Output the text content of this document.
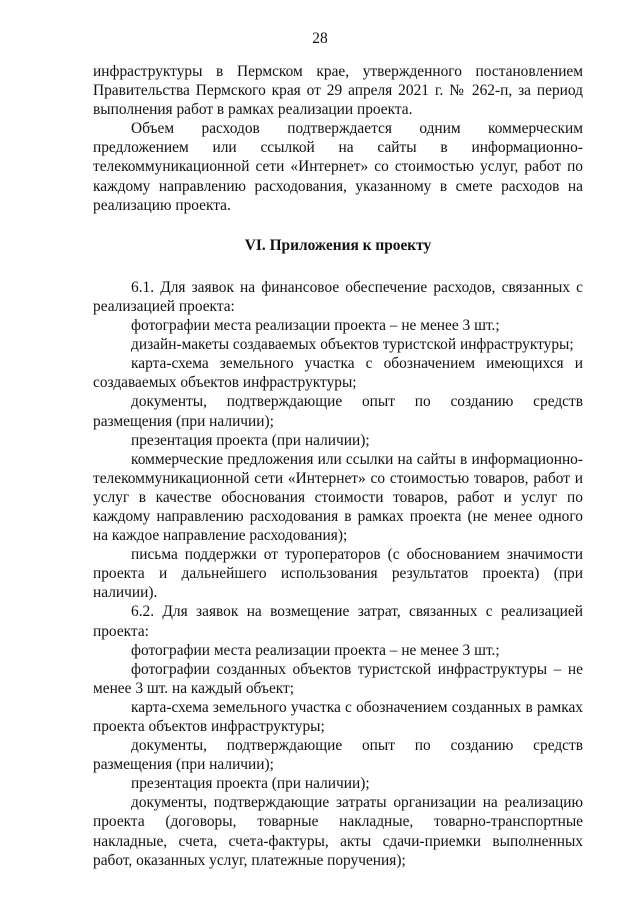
28

инфраструктуры в Пермском крае, утвержденного постановлением Правительства Пермского края от 29 апреля 2021 г. № 262-п, за период выполнения работ в рамках реализации проекта.

Объем расходов подтверждается одним коммерческим предложением или ссылкой на сайты в информационно-телекоммуникационной сети «Интернет» со стоимостью услуг, работ по каждому направлению расходования, указанному в смете расходов на реализацию проекта.

VI. Приложения к проекту

6.1. Для заявок на финансовое обеспечение расходов, связанных с реализацией проекта:

фотографии места реализации проекта – не менее 3 шт.;

дизайн-макеты создаваемых объектов туристской инфраструктуры;

карта-схема земельного участка с обозначением имеющихся и создаваемых объектов инфраструктуры;

документы, подтверждающие опыт по созданию средств размещения (при наличии);

презентация проекта (при наличии);

коммерческие предложения или ссылки на сайты в информационно-телекоммуникационной сети «Интернет» со стоимостью товаров, работ и услуг в качестве обоснования стоимости товаров, работ и услуг по каждому направлению расходования в рамках проекта (не менее одного на каждое направление расходования);

письма поддержки от туроператоров (с обоснованием значимости проекта и дальнейшего использования результатов проекта) (при наличии).

6.2. Для заявок на возмещение затрат, связанных с реализацией проекта:

фотографии места реализации проекта – не менее 3 шт.;

фотографии созданных объектов туристской инфраструктуры – не менее 3 шт. на каждый объект;

карта-схема земельного участка с обозначением созданных в рамках проекта объектов инфраструктуры;

документы, подтверждающие опыт по созданию средств размещения (при наличии);

презентация проекта (при наличии);

документы, подтверждающие затраты организации на реализацию проекта (договоры, товарные накладные, товарно-транспортные накладные, счета, счета-фактуры, акты сдачи-приемки выполненных работ, оказанных услуг, платежные поручения);
